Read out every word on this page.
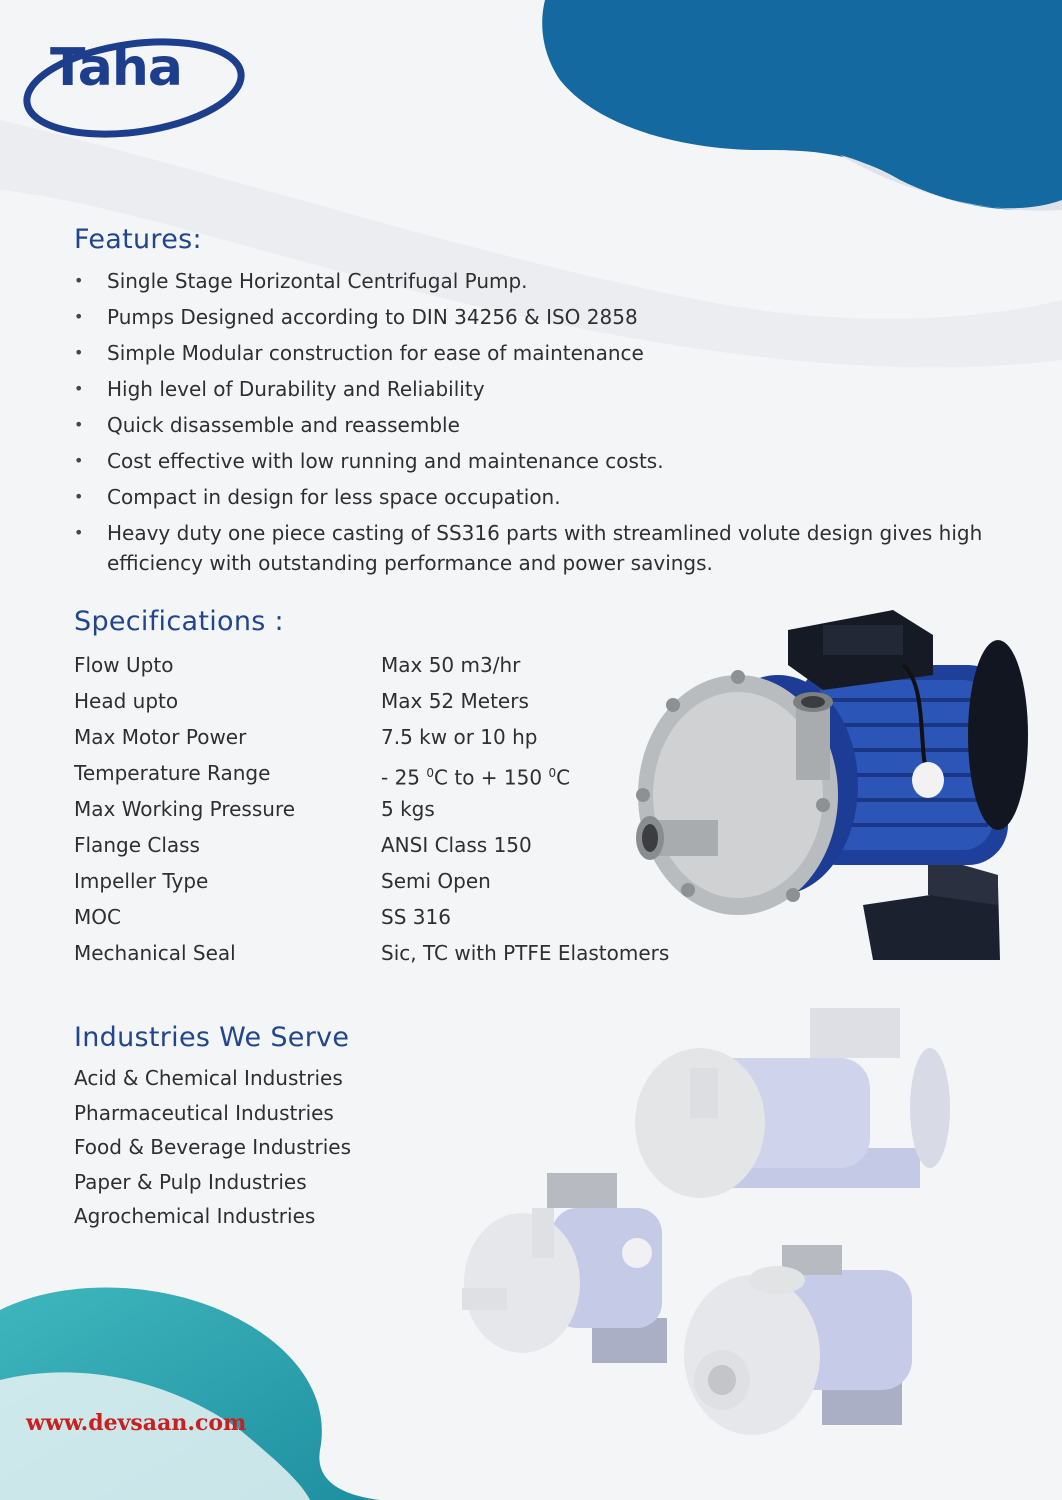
Taha
Features:
• Single Stage Horizontal Centrifugal Pump.
• Pumps Designed according to DIN 34256 & ISO 2858
• Simple Modular construction for ease of maintenance
• High level of Durability and Reliability
• Quick disassemble and reassemble
• Cost effective with low running and maintenance costs.
• Compact in design for less space occupation.
• Heavy duty one piece casting of SS316 parts with streamlined volute design gives high efficiency with outstanding performance and power savings.
Specifications :
Flow Upto	Max 50 m3/hr
Head upto	Max 52 Meters
Max Motor Power	7.5 kw or 10 hp
Temperature Range	- 25 $^0$C to + 150 $^0$C
Max Working Pressure	5 kgs
Flange Class	ANSI Class 150
Impeller Type	Semi Open
MOC	SS 316
Mechanical Seal	Sic, TC with PTFE Elastomers
Industries We Serve
Acid & Chemical Industries
Pharmaceutical Industries
Food & Beverage Industries
Paper & Pulp Industries
Agrochemical Industries
www.devsaan.com
